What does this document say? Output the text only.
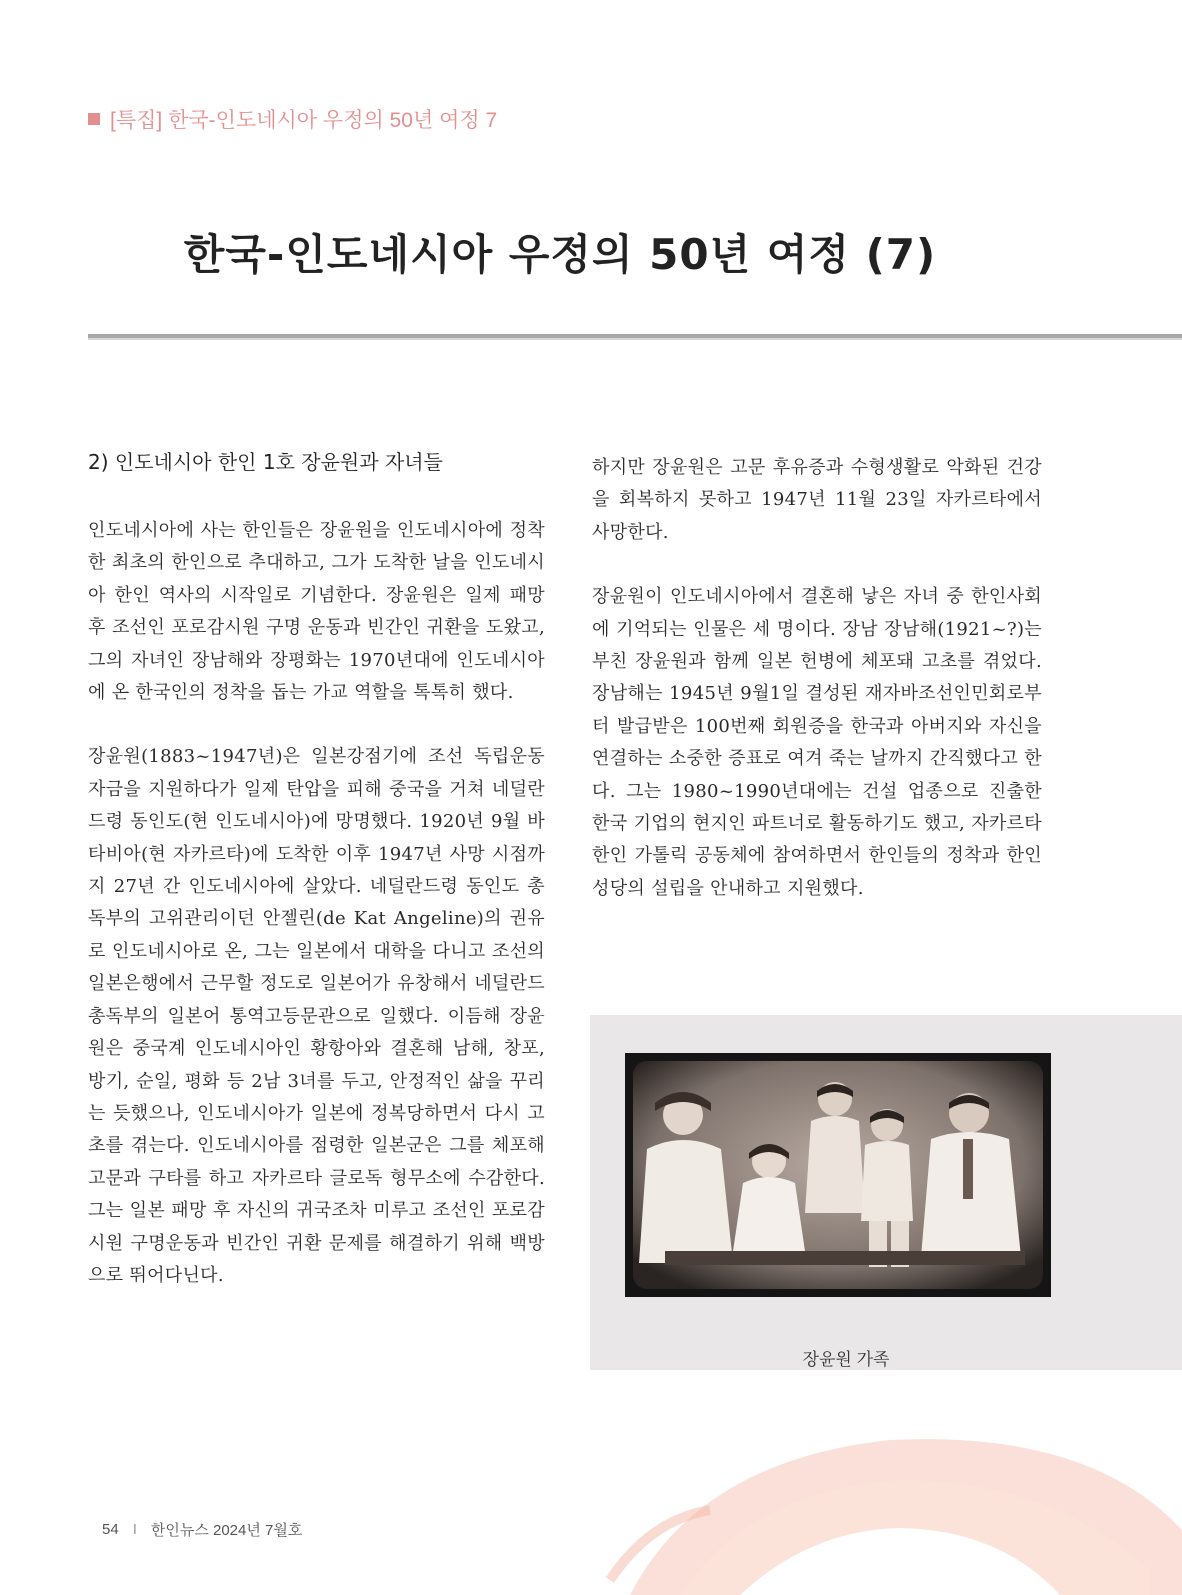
[특집] 한국-인도네시아 우정의 50년 여정 7
한국-인도네시아 우정의 50년 여정 (7)
2) 인도네시아 한인 1호 장윤원과 자녀들

인도네시아에 사는 한인들은 장윤원을 인도네시아에 정착한 최초의 한인으로 추대하고, 그가 도착한 날을 인도네시아 한인 역사의 시작일로 기념한다. 장윤원은 일제 패망 후 조선인 포로감시원 구명 운동과 빈간인 귀환을 도왔고, 그의 자녀인 장남해와 장평화는 1970년대에 인도네시아에 온 한국인의 정착을 돕는 가교 역할을 톡톡히 했다.

장윤원(1883~1947년)은 일본강점기에 조선 독립운동 자금을 지원하다가 일제 탄압을 피해 중국을 거쳐 네덜란드령 동인도(현 인도네시아)에 망명했다. 1920년 9월 바타비아(현 자카르타)에 도착한 이후 1947년 사망 시점까지 27년 간 인도네시아에 살았다. 네덜란드령 동인도 총독부의 고위관리이던 안젤린(de Kat Angeline)의 권유로 인도네시아로 온, 그는 일본에서 대학을 다니고 조선의 일본은행에서 근무할 정도로 일본어가 유창해서 네덜란드 총독부의 일본어 통역고등문관으로 일했다. 이듬해 장윤원은 중국계 인도네시아인 황항아와 결혼해 남해, 창포, 방기, 순일, 평화 등 2남 3녀를 두고, 안정적인 삶을 꾸리는 듯했으나, 인도네시아가 일본에 정복당하면서 다시 고초를 겪는다. 인도네시아를 점령한 일본군은 그를 체포해 고문과 구타를 하고 자카르타 글로독 형무소에 수감한다. 그는 일본 패망 후 자신의 귀국조차 미루고 조선인 포로감시원 구명운동과 빈간인 귀환 문제를 해결하기 위해 백방으로 뛰어다닌다.

하지만 장윤원은 고문 후유증과 수형생활로 악화된 건강을 회복하지 못하고 1947년 11월 23일 자카르타에서 사망한다.

장윤원이 인도네시아에서 결혼해 낳은 자녀 중 한인사회에 기억되는 인물은 세 명이다. 장남 장남해(1921~?)는 부친 장윤원과 함께 일본 헌병에 체포돼 고초를 겪었다. 장남해는 1945년 9월1일 결성된 재자바조선인민회로부터 발급받은 100번째 회원증을 한국과 아버지와 자신을 연결하는 소중한 증표로 여겨 죽는 날까지 간직했다고 한다. 그는 1980~1990년대에는 건설 업종으로 진출한 한국 기업의 현지인 파트너로 활동하기도 했고, 자카르타 한인 가톨릭 공동체에 참여하면서 한인들의 정착과 한인성당의 설립을 안내하고 지원했다.

장윤원 가족
54 I 한인뉴스 2024년 7월호
